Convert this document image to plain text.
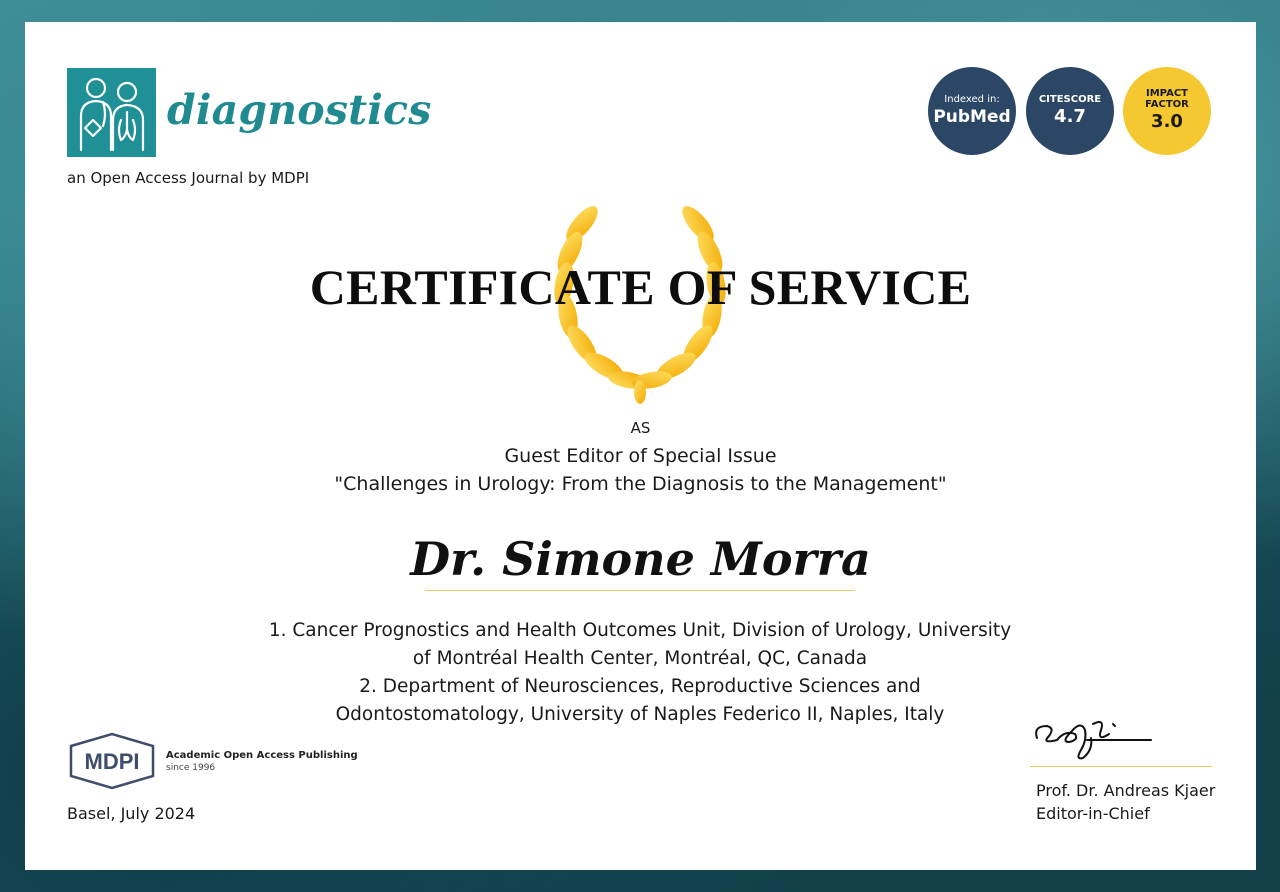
diagnostics
an Open Access Journal by MDPI
Indexed in:
PubMed
CITESCORE
4.7
IMPACT
FACTOR
3.0
CERTIFICATE OF SERVICE
AS
Guest Editor of Special Issue
"Challenges in Urology: From the Diagnosis to the Management"
Dr. Simone Morra
1. Cancer Prognostics and Health Outcomes Unit, Division of Urology, University
of Montréal Health Center, Montréal, QC, Canada
2. Department of Neurosciences, Reproductive Sciences and
Odontostomatology, University of Naples Federico II, Naples, Italy
MDPI	Academic Open Access Publishing
since 1996
Basel, July 2024
Prof. Dr. Andreas Kjaer
Editor-in-Chief
